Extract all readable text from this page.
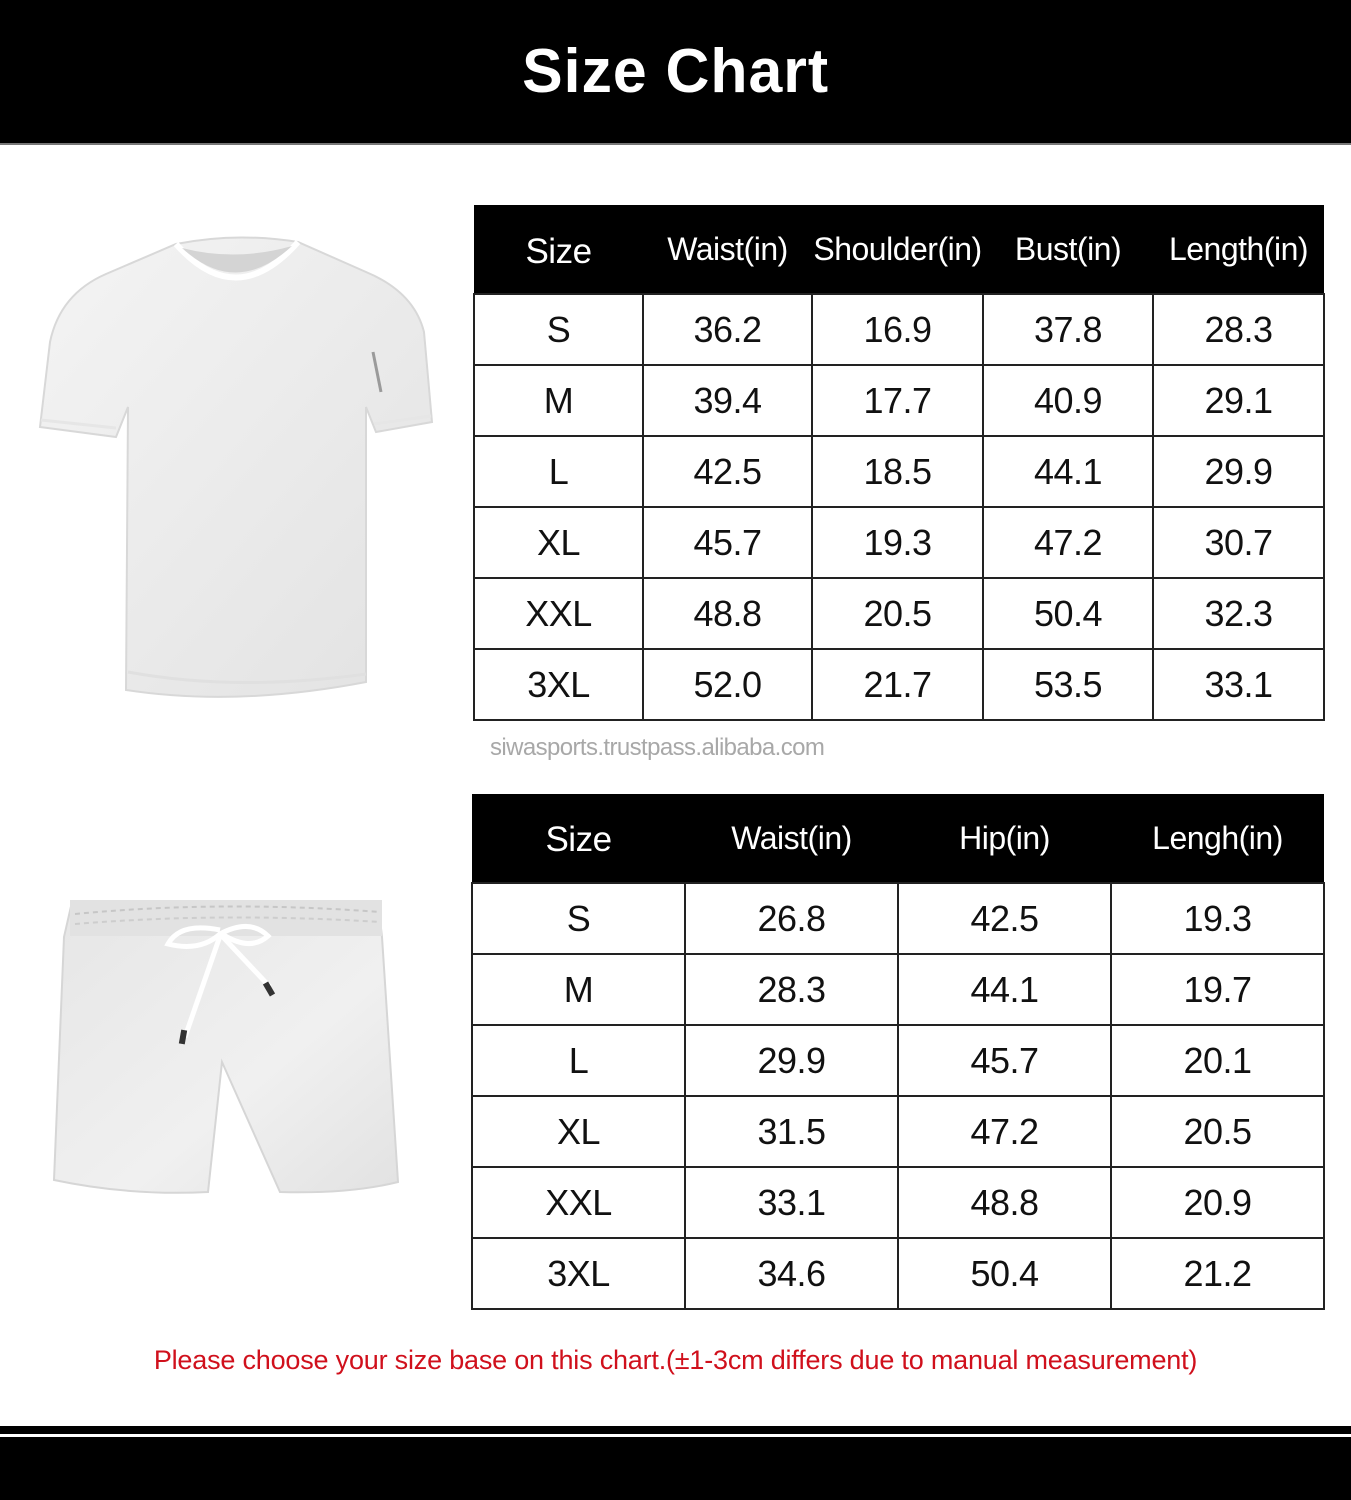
Size Chart
Size	Waist(in)	Shoulder(in)	Bust(in)	Length(in)
S	36.2	16.9	37.8	28.3
M	39.4	17.7	40.9	29.1
L	42.5	18.5	44.1	29.9
XL	45.7	19.3	47.2	30.7
XXL	48.8	20.5	50.4	32.3
3XL	52.0	21.7	53.5	33.1
siwasports.trustpass.alibaba.com
Size	Waist(in)	Hip(in)	Lengh(in)
S	26.8	42.5	19.3
M	28.3	44.1	19.7
L	29.9	45.7	20.1
XL	31.5	47.2	20.5
XXL	33.1	48.8	20.9
3XL	34.6	50.4	21.2
Please choose your size base on this chart.(±1-3cm differs due to manual measurement)
